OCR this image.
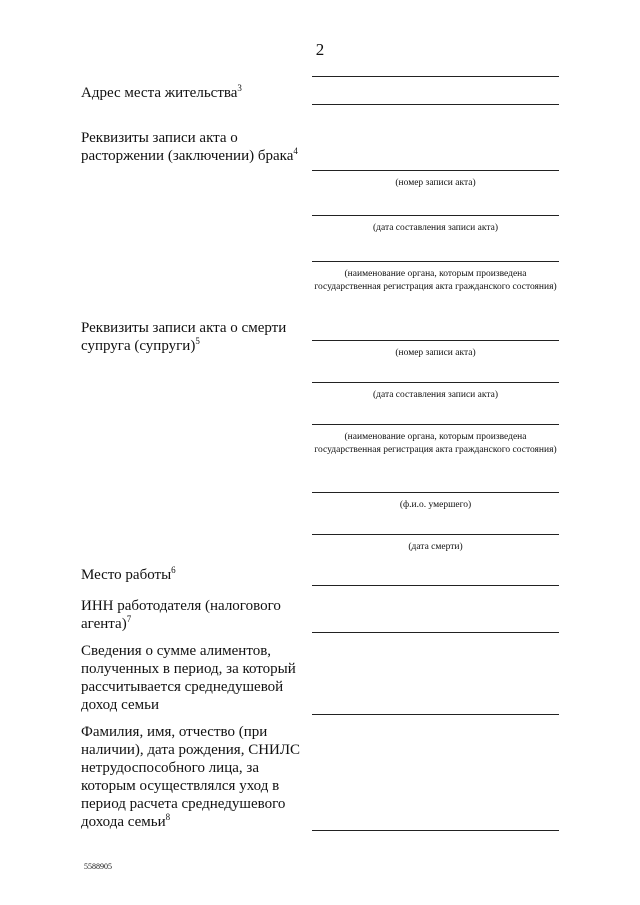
2
Адрес места жительства$^3$
Реквизиты записи акта о расторжении (заключении) брака$^4$
(номер записи акта)
(дата составления записи акта)
(наименование органа, которым произведена государственная регистрация акта гражданского состояния)
Реквизиты записи акта о смерти супруга (супруги)$^5$
(номер записи акта)
(дата составления записи акта)
(наименование органа, которым произведена государственная регистрация акта гражданского состояния)
(ф.и.о. умершего)
(дата смерти)
Место работы$^6$
ИНН работодателя (налогового агента)$^7$
Сведения о сумме алиментов, полученных в период, за который рассчитывается среднедушевой доход семьи
Фамилия, имя, отчество (при наличии), дата рождения, СНИЛС нетрудоспособного лица, за которым осуществлялся уход в период расчета среднедушевого дохода семьи$^8$
5588905
